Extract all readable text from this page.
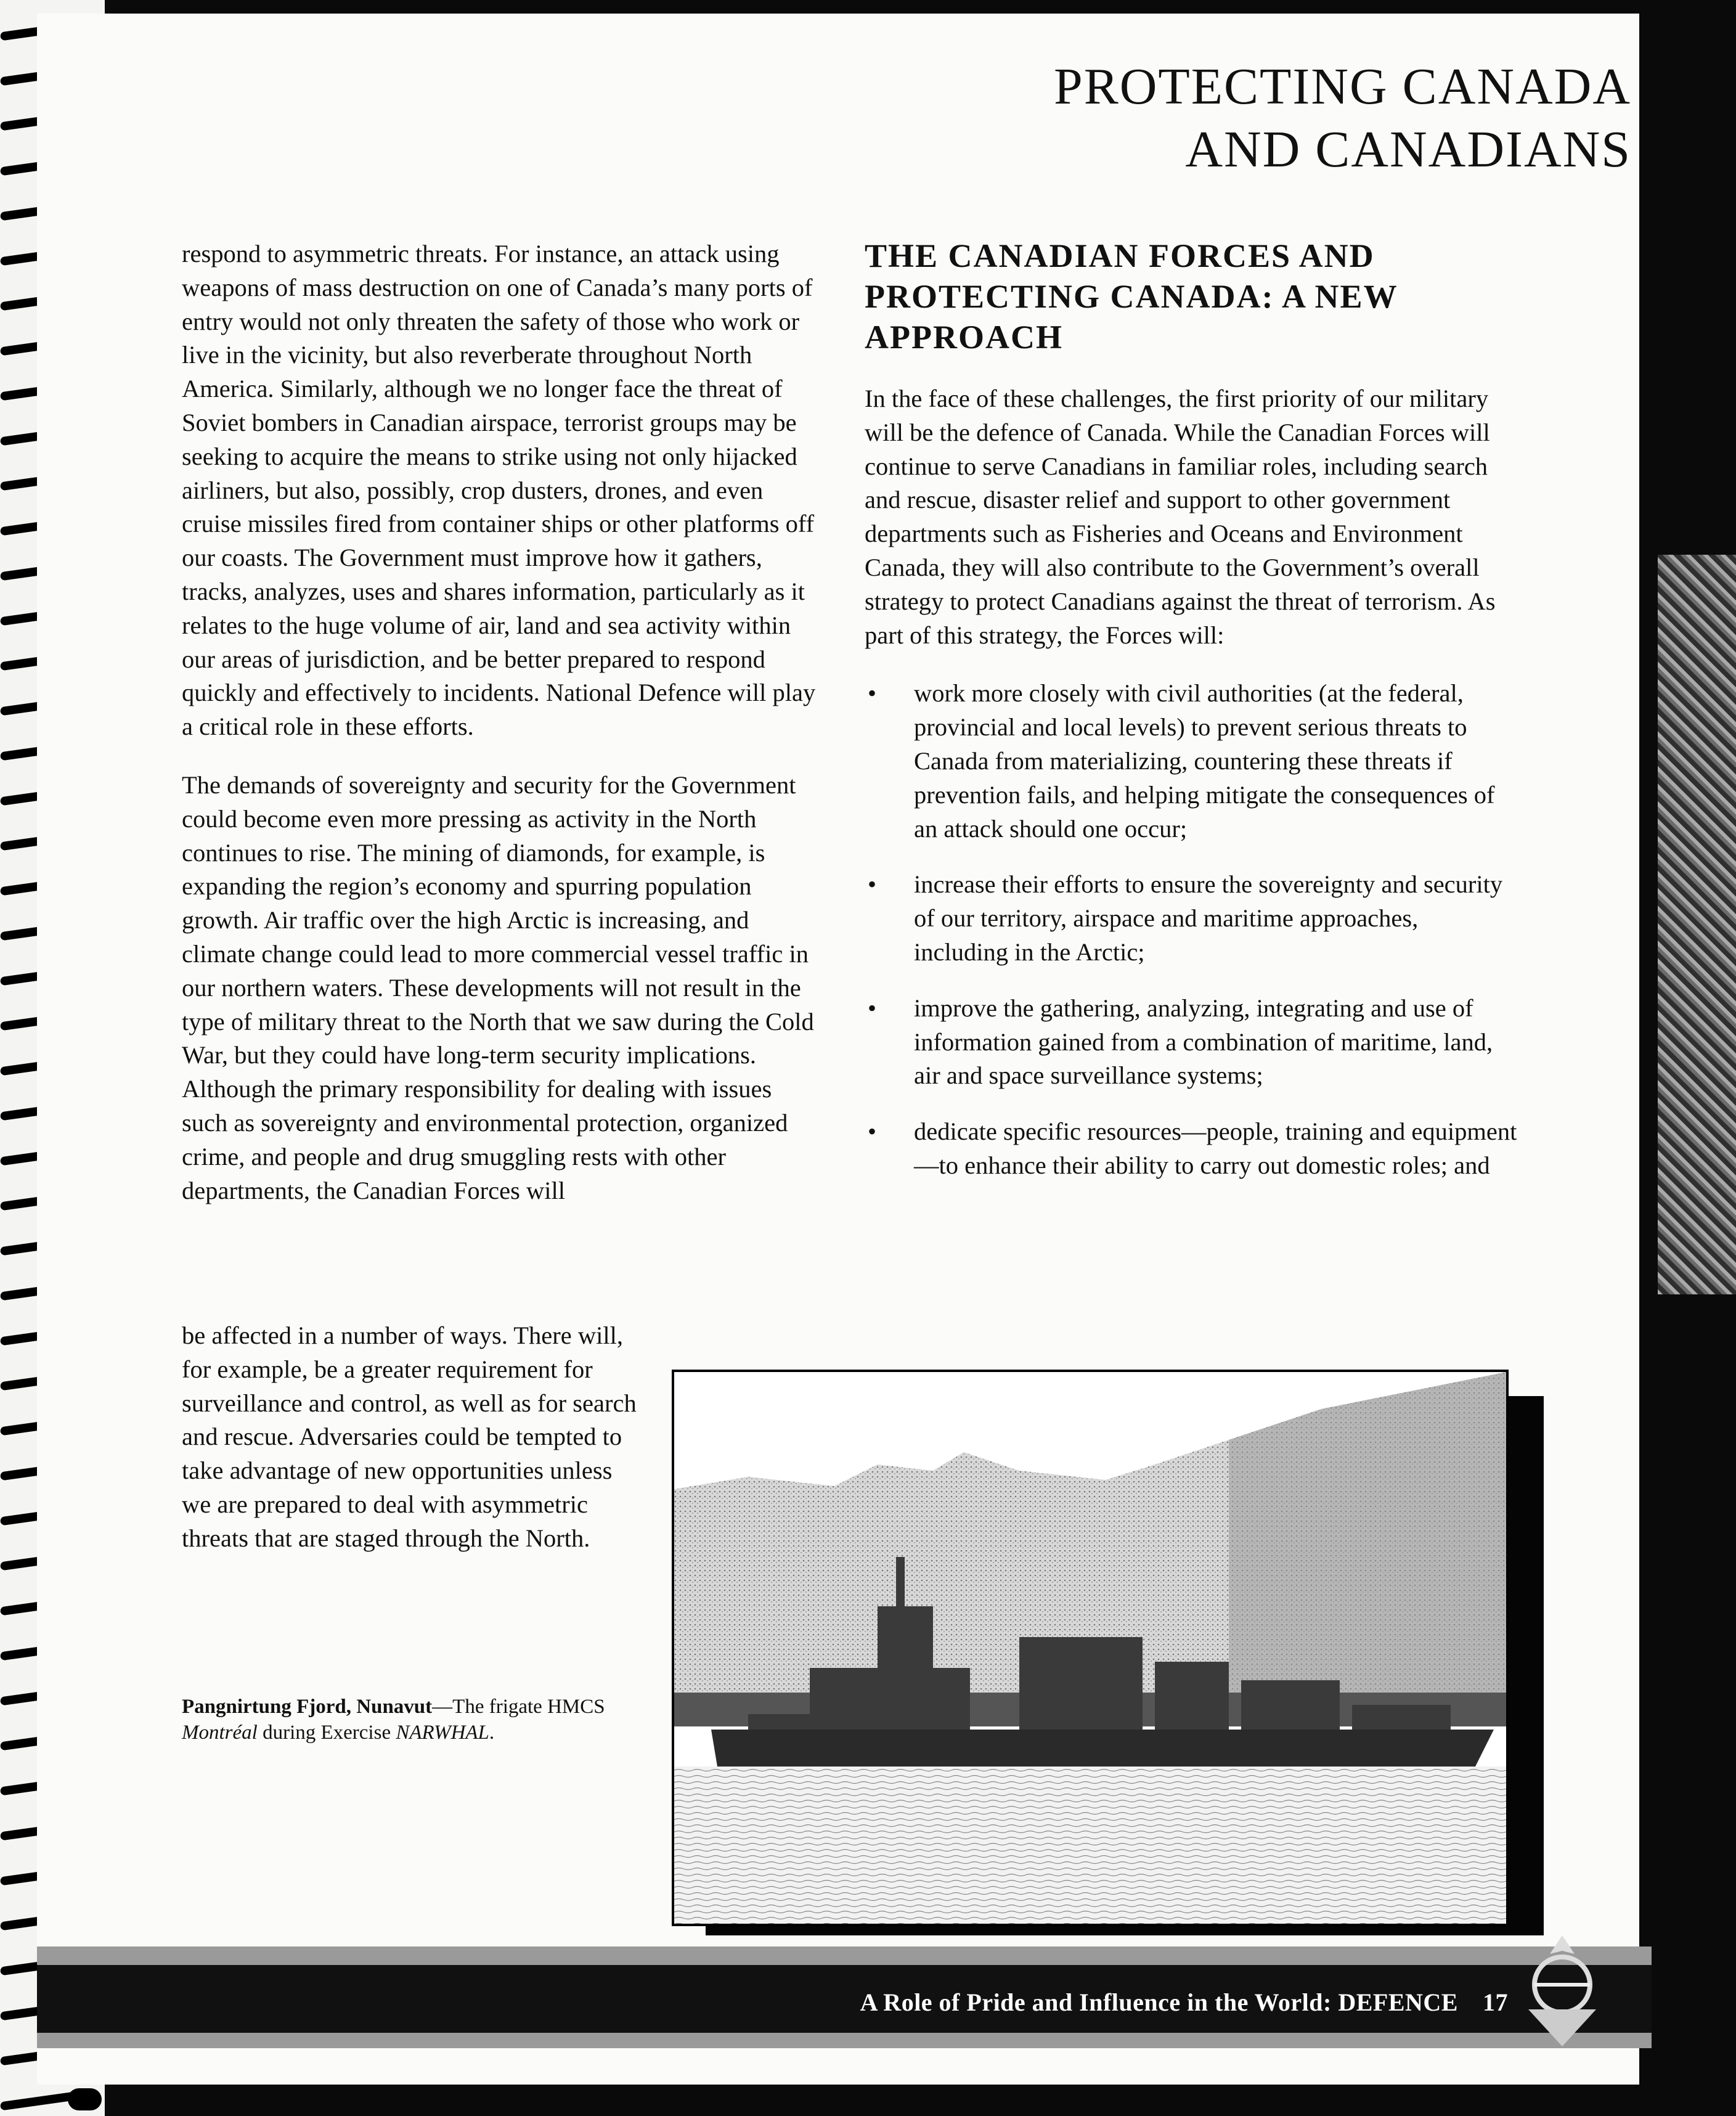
PROTECTING CANADA
AND CANADIANS

respond to asymmetric threats. For instance, an attack using weapons of mass destruction on one of Canada’s many ports of entry would not only threaten the safety of those who work or live in the vicinity, but also reverberate throughout North America. Similarly, although we no longer face the threat of Soviet bombers in Canadian airspace, terrorist groups may be seeking to acquire the means to strike using not only hijacked airliners, but also, possibly, crop dusters, drones, and even cruise missiles fired from container ships or other platforms off our coasts. The Government must improve how it gathers, tracks, analyzes, uses and shares information, particularly as it relates to the huge volume of air, land and sea activity within our areas of jurisdiction, and be better prepared to respond quickly and effectively to incidents. National Defence will play a critical role in these efforts.

The demands of sovereignty and security for the Government could become even more pressing as activity in the North continues to rise. The mining of diamonds, for example, is expanding the region’s economy and spurring population growth. Air traffic over the high Arctic is increasing, and climate change could lead to more commercial vessel traffic in our northern waters. These developments will not result in the type of military threat to the North that we saw during the Cold War, but they could have long-term security implications. Although the primary responsibility for dealing with issues such as sovereignty and environmental protection, organized crime, and people and drug smuggling rests with other departments, the Canadian Forces will

be affected in a number of ways. There will, for example, be a greater requirement for surveillance and control, as well as for search and rescue. Adversaries could be tempted to take advantage of new opportunities unless we are prepared to deal with asymmetric threats that are staged through the North.

THE CANADIAN FORCES AND PROTECTING CANADA: A NEW APPROACH

In the face of these challenges, the first priority of our military will be the defence of Canada. While the Canadian Forces will continue to serve Canadians in familiar roles, including search and rescue, disaster relief and support to other government departments such as Fisheries and Oceans and Environment Canada, they will also contribute to the Government’s overall strategy to protect Canadians against the threat of terrorism. As part of this strategy, the Forces will:

• work more closely with civil authorities (at the federal, provincial and local levels) to prevent serious threats to Canada from materializing, countering these threats if prevention fails, and helping mitigate the consequences of an attack should one occur;
• increase their efforts to ensure the sovereignty and security of our territory, airspace and maritime approaches, including in the Arctic;
• improve the gathering, analyzing, integrating and use of information gained from a combination of maritime, land, air and space surveillance systems;
• dedicate specific resources—people, training and equipment—to enhance their ability to carry out domestic roles; and

Pangnirtung Fjord, Nunavut—The frigate HMCS Montréal during Exercise NARWHAL.

A Role of Pride and Influence in the World: DEFENCE 17
